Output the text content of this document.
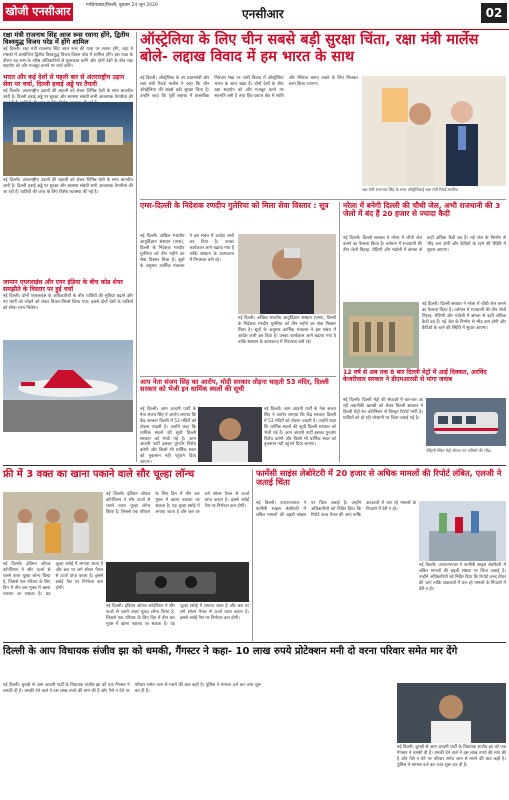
खोजी एनसीआर	गाज़ियाबाद/दिल्ली, बुधवार 24 जून 2020
एनसीआर	02
रक्षा मंत्री राजनाथ सिंह आज रूस रवाना होंगे, द्वितीय विश्वयुद्ध विजय परेड में होंगे शामिल
नई दिल्ली। रक्षा मंत्री राजनाथ सिंह आज रूस की यात्रा पर रवाना होंगे, जहां वे मास्को में आयोजित द्वितीय विश्वयुद्ध विजय दिवस परेड में शामिल होंगे। इस यात्रा के दौरान वह रूस के वरिष्ठ अधिकारियों से मुलाकात करेंगे और दोनों देशों के बीच रक्षा सहयोग को और मजबूत बनाने पर चर्चा करेंगे।
भारत और कई देशों से पहली बार से अंतरराष्ट्रीय उड़ान सेवा पर चर्चा, दिल्ली हवाई अड्डे पर तैयारी
नई दिल्ली। अंतरराष्ट्रीय उड़ानों की बहाली को लेकर विभिन्न देशों के साथ बातचीत जारी है। दिल्ली हवाई अड्डे पर सुरक्षा और स्वास्थ्य संबंधी सभी आवश्यक तैयारियां की
नई दिल्ली। अंतरराष्ट्रीय उड़ानों की बहाली को लेकर विभिन्न देशों के साथ बातचीत जारी है। दिल्ली हवाई अड्डे पर सुरक्षा और स्वास्थ्य संबंधी सभी आवश्यक तैयारियां की जा रही हैं। यात्रियों की जांच के लिए विशेष व्यवस्था की गई है।
जापान एयरलाइंस और एयर इंडिया के बीच कोड शेयर समझौते के विस्तार पर हुई चर्चा
नई दिल्ली। दोनों एयरलाइंस के अधिकारियों के बीच यात्रियों की सुविधा बढ़ाने और नए मार्गों को जोड़ने को लेकर विचार-विमर्श किया गया। इससे दोनों देशों के यात्रियों को सीधा लाभ मिलेगा।
ऑस्ट्रेलिया के लिए चीन सबसे बड़ी सुरक्षा चिंता, रक्षा मंत्री मार्लेस बोले- लद्दाख विवाद में हम भारत के साथ
नई दिल्ली। ऑस्ट्रेलिया के उप प्रधानमंत्री और रक्षा मंत्री रिचर्ड मार्लेस ने कहा कि चीन ऑस्ट्रेलिया की सबसे बड़ी सुरक्षा चिंता है। उन्होंने कहा कि पूर्वी लद्दाख में वास्तविक नियंत्रण रेखा पर जारी विवाद में ऑस्ट्रेलिया भारत के साथ खड़ा है। दोनों देशों के बीच रक्षा सहयोग को और मजबूत करने पर सहमति बनी है तथा हिंद-प्रशांत क्षेत्र में शांति और स्थिरता बनाए रखने के लिए मिलकर काम किया जाएगा।
रक्षा मंत्री राजनाथ सिंह के साथ ऑस्ट्रेलियाई रक्षा मंत्री रिचर्ड मार्लेस।
एम्स-दिल्ली के निदेशक रणदीप गुलेरिया को मिला सेवा विस्तार : सूत्र
नई दिल्ली। अखिल भारतीय आयुर्विज्ञान संस्थान (एम्स), दिल्ली के निदेशक रणदीप गुलेरिया को तीन महीने का सेवा विस्तार मिला है। सूत्रों के अनुसार कार्मिक मंत्रालय ने इस संबंध में आदेश जारी कर दिया है। उनका कार्यकाल आगे बढ़ाया गया है ताकि संस्थान के कामकाज में निरंतरता बनी रहे।
नई दिल्ली। अखिल भारतीय आयुर्विज्ञान संस्थान (एम्स), दिल्ली के निदेशक रणदीप गुलेरिया को तीन महीने का सेवा विस्तार मिला है। सूत्रों के अनुसार कार्मिक मंत्रालय ने इस संबंध में आदेश जारी कर दिया है। उनका कार्यकाल आगे बढ़ाया गया है ताकि संस्थान के कामकाज में निरंतरता बनी रहे।
नरेला में बनेगी दिल्ली की चौथी जेल, अभी राजधानी की 3 जेलों में बंद हैं 20 हजार से ज्यादा कैदी
नई दिल्ली। दिल्ली सरकार ने नरेला में चौथी जेल बनाने का फैसला किया है। वर्तमान में राजधानी की तीन जेलों तिहाड़, रोहिणी और मंडोली में क्षमता से कहीं अधिक कैदी बंद हैं। नई जेल के निर्माण से भीड़ कम होगी और कैदियों के रहने की स्थिति में सुधार आएगा।
नई दिल्ली। दिल्ली सरकार ने नरेला में चौथी जेल बनाने का फैसला किया है। वर्तमान में राजधानी की तीन जेलों तिहाड़, रोहिणी और मंडोली में क्षमता से कहीं अधिक कैदी बंद हैं। नई जेल के निर्माण से भीड़ कम होगी और कैदियों के रहने की स्थिति में सुधार आएगा।
12 वर्ष से अब तक 8 बार दिल्ली मेट्रो में आई दिक्कत, अरविंद केजरीवाल सरकार ने डीएमआरसी से मांगा जवाब
नई दिल्ली। दिल्ली मेट्रो की सेवाओं में बार-बार आ रही तकनीकी खराबी को लेकर दिल्ली सरकार ने दिल्ली मेट्रो रेल कॉर्पोरेशन से विस्तृत रिपोर्ट मांगी है। यात्रियों को हो रही परेशानी पर चिंता जताई गई है।
रोहिणी स्थित मेट्रो स्टेशन पर यात्रियों की भीड़।
आप नेता संजय सिंह का आरोप, मोदी सरकार तोड़ना चाहती 53 मंदिर, दिल्ली सरकार को भेजी इन धार्मिक स्थलों की सूची
नई दिल्ली। आम आदमी पार्टी के नेता संजय सिंह ने आरोप लगाया कि केंद्र सरकार दिल्ली में 53 मंदिरों को तोड़ना चाहती है। उन्होंने कहा कि धार्मिक स्थलों की सूची दिल्ली सरकार को भेजी गई है। आम आदमी पार्टी इसका पुरजोर विरोध करेगी और किसी भी धार्मिक स्थल को नुकसान नहीं पहुंचने दिया जाएगा।
नई दिल्ली। आम आदमी पार्टी के नेता संजय सिंह ने आरोप लगाया कि केंद्र सरकार दिल्ली में 53 मंदिरों को तोड़ना चाहती है। उन्होंने कहा कि धार्मिक स्थलों की सूची दिल्ली सरकार को भेजी गई है। आम आदमी पार्टी इसका पुरजोर विरोध करेगी और किसी भी धार्मिक स्थल को नुकसान नहीं पहुंचने दिया जाएगा।
फ्री में 3 वक्त का खाना पकाने वाले सौर चूल्हा लॉन्च
नई दिल्ली। इंडियन ऑयल कॉर्पोरेशन ने सौर ऊर्जा से चलने वाला चूल्हा लॉन्च किया है, जिससे एक परिवार के लिए दिन में तीन बार मुफ्त में खाना पकाया जा सकता है। यह चूल्हा रसोई में लगाया जाता है और छत पर लगे सोलर पैनल से ऊर्जा प्राप्त करता है। इससे रसोई गैस पर निर्भरता कम होगी।
नई दिल्ली। इंडियन ऑयल कॉर्पोरेशन ने सौर ऊर्जा से चलने वाला चूल्हा लॉन्च किया है, जिससे एक परिवार के लिए दिन में तीन बार मुफ्त में खाना पकाया जा सकता है। यह चूल्हा रसोई में लगाया जाता है और छत पर लगे सोलर पैनल से ऊर्जा प्राप्त करता है। इससे रसोई गैस पर निर्भरता कम होगी।
नई दिल्ली। इंडियन ऑयल कॉर्पोरेशन ने सौर ऊर्जा से चलने वाला चूल्हा लॉन्च किया है, जिससे एक परिवार के लिए दिन में तीन बार मुफ्त में खाना पकाया जा सकता है। यह चूल्हा रसोई में लगाया जाता है और छत पर लगे सोलर पैनल से ऊर्जा प्राप्त करता है। इससे रसोई गैस पर निर्भरता कम होगी।
फार्मेसी साइंस लेबोरेटरी में 20 हजार से अधिक मामलों की रिपोर्ट लंबित, एलजी ने जताई चिंता
नई दिल्ली। उपराज्यपाल ने फार्मेसी साइंस लेबोरेटरी में लंबित मामलों की बढ़ती संख्या पर चिंता जताई है। उन्होंने अधिकारियों को निर्देश दिया कि रिपोर्ट जल्द तैयार की जाएं ताकि अदालतों में चल रहे मामलों के निपटारे में देरी न हो।
नई दिल्ली। उपराज्यपाल ने फार्मेसी साइंस लेबोरेटरी में लंबित मामलों की बढ़ती संख्या पर चिंता जताई है। उन्होंने अधिकारियों को निर्देश दिया कि रिपोर्ट जल्द तैयार की जाएं ताकि अदालतों में चल रहे मामलों के निपटारे में देरी न हो।
दिल्ली के आप विधायक संजीव झा को धमकी, गैंगस्टर ने कहा- 10 लाख रुपये प्रोटेक्शन मनी दो वरना परिवार समेत मार देंगे
नई दिल्ली। बुराड़ी से आम आदमी पार्टी के विधायक संजीव झा को एक गैंगस्टर ने धमकी दी है। धमकी देने वाले ने दस लाख रुपये की मांग की है और पैसे न देने पर परिवार समेत जान से मारने की बात कही है। पुलिस ने मामला दर्ज कर जांच शुरू कर दी है।
नई दिल्ली। बुराड़ी से आम आदमी पार्टी के विधायक संजीव झा को एक गैंगस्टर ने धमकी दी है। धमकी देने वाले ने दस लाख रुपये की मांग की है और पैसे न देने पर परिवार समेत जान से मारने की बात कही है। पुलिस ने मामला दर्ज कर जांच शुरू कर दी है।
